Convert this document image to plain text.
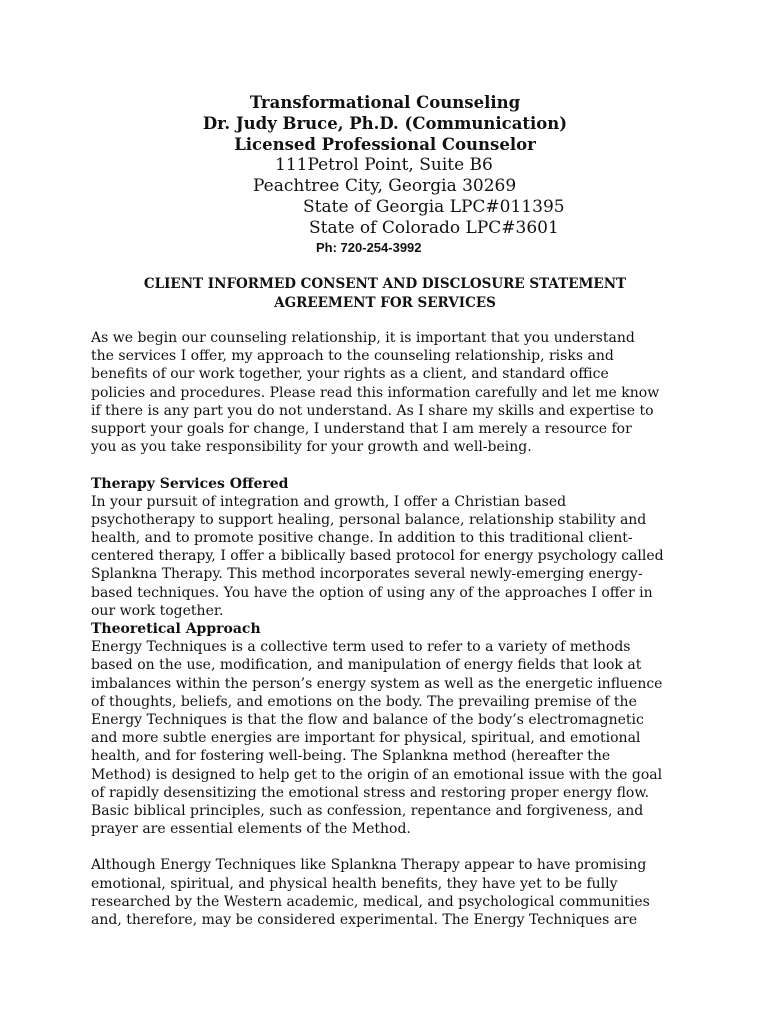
Transformational Counseling
Dr. Judy Bruce, Ph.D. (Communication)
Licensed Professional Counselor
111Petrol Point, Suite B6
Peachtree City, Georgia 30269
State of Georgia LPC#011395
State of Colorado LPC#3601
Ph: 720-254-3992
CLIENT INFORMED CONSENT AND DISCLOSURE STATEMENT
AGREEMENT FOR SERVICES
As we begin our counseling relationship, it is important that you understand
the services I offer, my approach to the counseling relationship, risks and
benefits of our work together, your rights as a client, and standard office
policies and procedures. Please read this information carefully and let me know
if there is any part you do not understand. As I share my skills and expertise to
support your goals for change, I understand that I am merely a resource for
you as you take responsibility for your growth and well-being.
Therapy Services Offered
In your pursuit of integration and growth, I offer a Christian based
psychotherapy to support healing, personal balance, relationship stability and
health, and to promote positive change. In addition to this traditional client-
centered therapy, I offer a biblically based protocol for energy psychology called
Splankna Therapy. This method incorporates several newly-emerging energy-
based techniques. You have the option of using any of the approaches I offer in
our work together.
Theoretical Approach
Energy Techniques is a collective term used to refer to a variety of methods
based on the use, modification, and manipulation of energy fields that look at
imbalances within the person’s energy system as well as the energetic influence
of thoughts, beliefs, and emotions on the body. The prevailing premise of the
Energy Techniques is that the flow and balance of the body’s electromagnetic
and more subtle energies are important for physical, spiritual, and emotional
health, and for fostering well-being. The Splankna method (hereafter the
Method) is designed to help get to the origin of an emotional issue with the goal
of rapidly desensitizing the emotional stress and restoring proper energy flow.
Basic biblical principles, such as confession, repentance and forgiveness, and
prayer are essential elements of the Method.
Although Energy Techniques like Splankna Therapy appear to have promising
emotional, spiritual, and physical health benefits, they have yet to be fully
researched by the Western academic, medical, and psychological communities
and, therefore, may be considered experimental. The Energy Techniques are
